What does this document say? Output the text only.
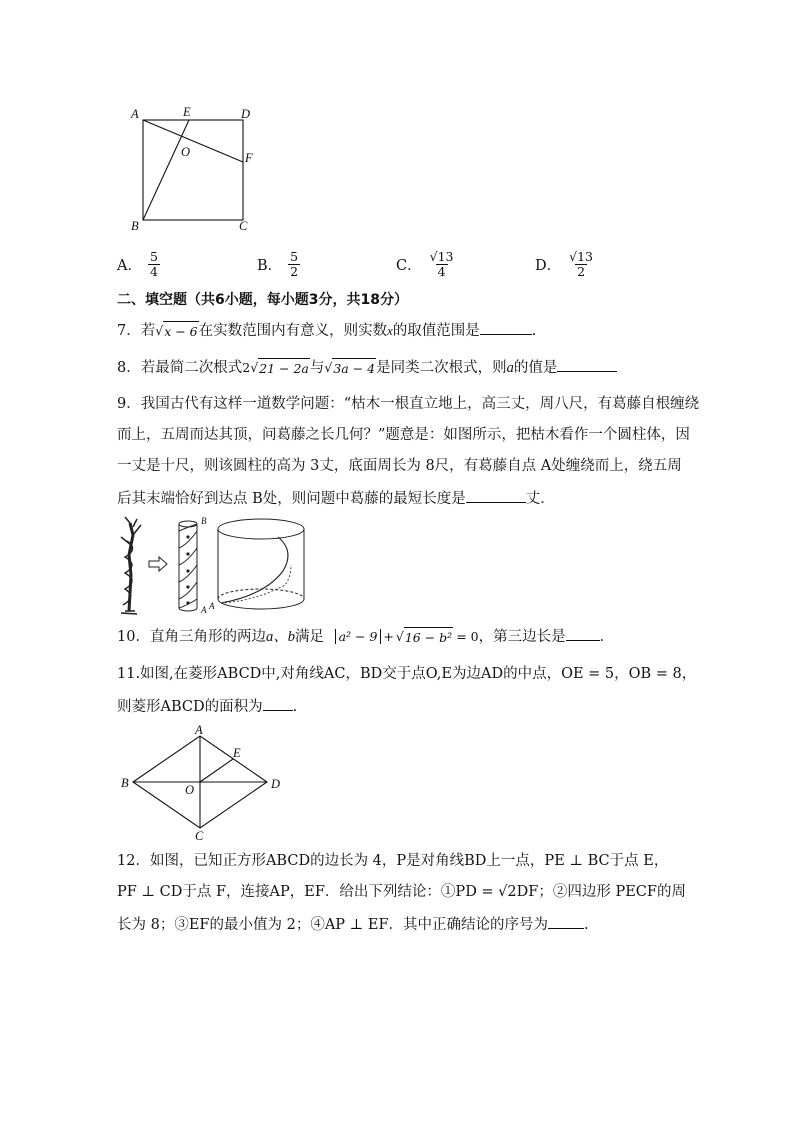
A	E	D
O	F
B	C
A． $\frac{5}{4}$	B． $\frac{5}{2}$	C． $\frac{√13}{4}$	D． $\frac{√13}{2}$
二、填空题（共6小题，每小题3分，共18分）
7．若 √ x − 6 在实数范围内有意义，则实数x的取值范围是	.
8．若最简二次根式2 √ 21 − 2a 与 √ 3a − 4 是同类二次根式，则a的值是
9．我国古代有这样一道数学问题：“枯木一根直立地上，高三丈，周八尺，有葛藤自根缠绕
而上，五周而达其顶，问葛藤之长几何？”题意是：如图所示，把枯木看作一个圆柱体，因
一丈是十尺，则该圆柱的高为 3丈，底面周长为 8尺，有葛藤自点 A处缠绕而上，绕五周
后其末端恰好到达点 B处，则问题中葛藤的最短长度是	丈．
B
A A
10．直角三角形的两边a、b满足 a² − 9 + √ 16 − b² = 0，第三边长是 ．
11.如图,在菱形ABCD中,对角线AC，BD交于点O,E为边AD的中点，OE = 5，OB = 8，
则菱形ABCD的面积为 .
A
E
B	O	D
C
12．如图，已知正方形ABCD的边长为 4，P是对角线BD上一点，PE ⊥ BC于点 E，
PF ⊥ CD于点 F，连接AP，EF．给出下列结论：①PD = √2DF；②四边形 PECF的周
长为 8；③EF的最小值为 2；④AP ⊥ EF．其中正确结论的序号为 .
